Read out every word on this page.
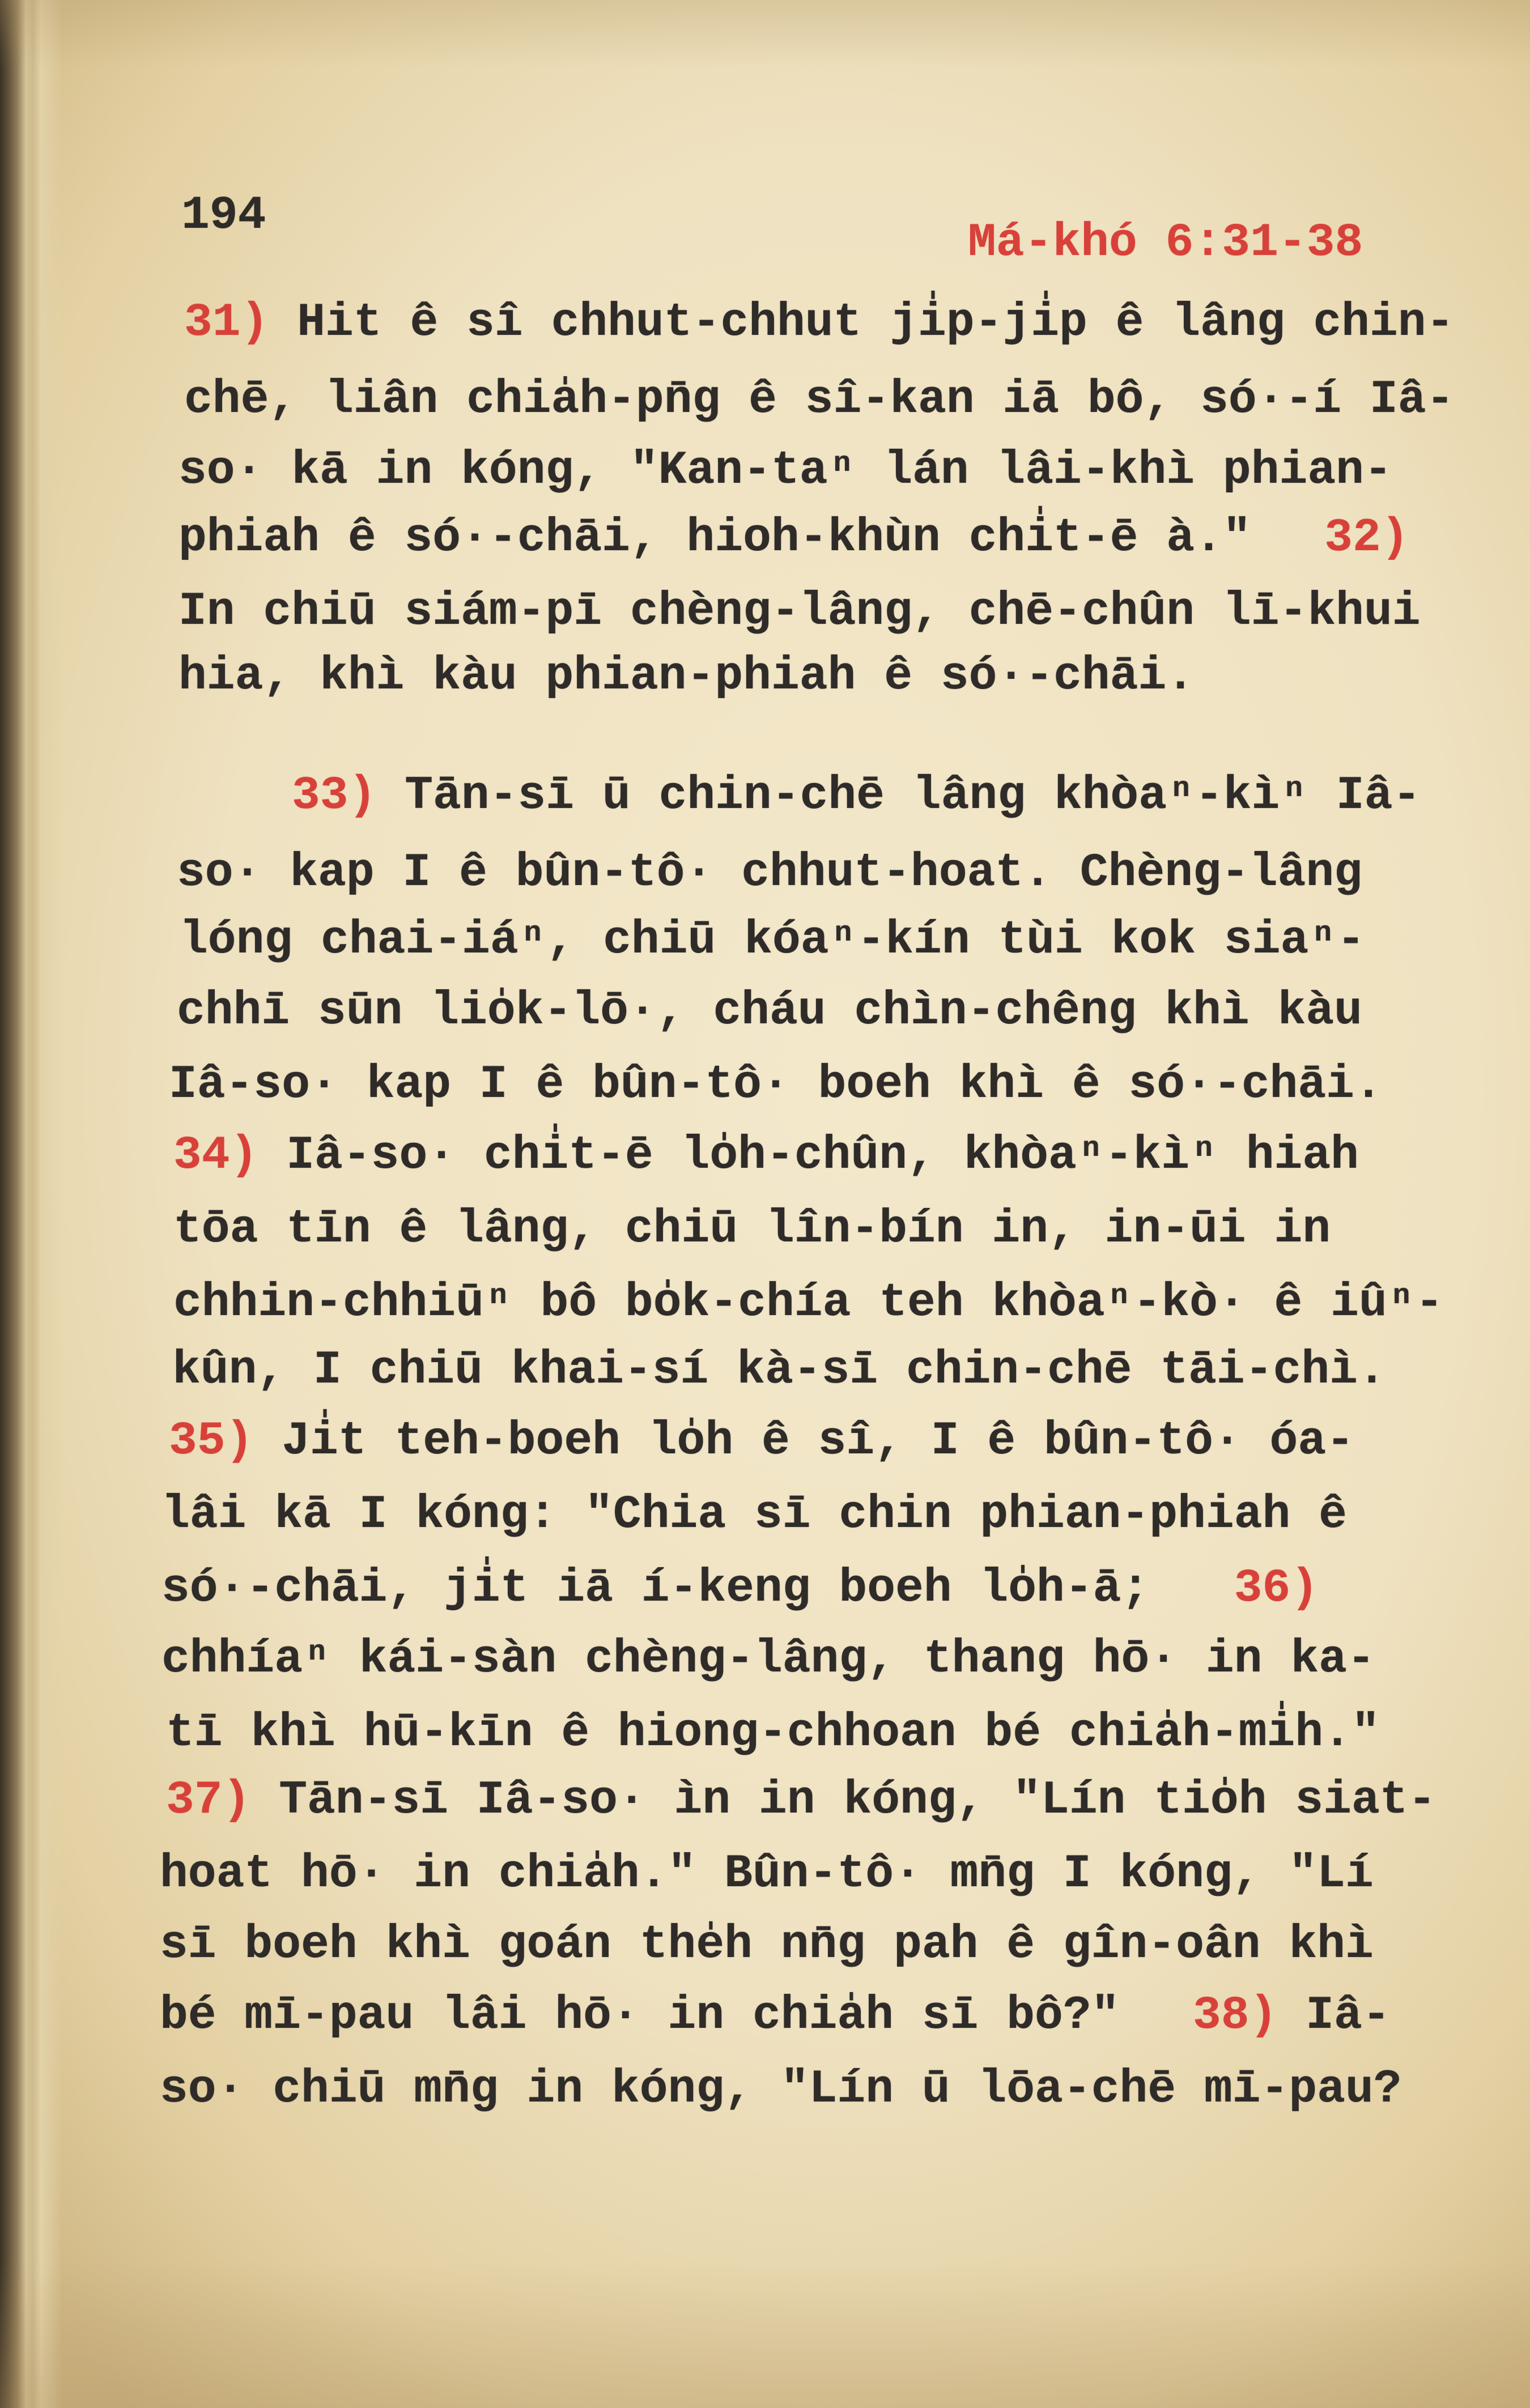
194
Má-khó 6:31-38
31) Hit ê sî chhut-chhut ji̍p-ji̍p ê lâng chin-
chē, liân chia̍h-pn̄g ê sî-kan iā bô, só·-í Iâ-
so· kā in kóng, "Kan-taⁿ lán lâi-khì phian-
phiah ê só·-chāi, hioh-khùn chi̍t-ē à." 32)
In chiū siám-pī chèng-lâng, chē-chûn lī-khui
hia, khì kàu phian-phiah ê só·-chāi.
33) Tān-sī ū chin-chē lâng khòaⁿ-kìⁿ Iâ-
so· kap I ê bûn-tô· chhut-hoat. Chèng-lâng
lóng chai-iáⁿ, chiū kóaⁿ-kín tùi kok siaⁿ-
chhī sūn lio̍k-lō·, cháu chìn-chêng khì kàu
Iâ-so· kap I ê bûn-tô· boeh khì ê só·-chāi.
34) Iâ-so· chi̍t-ē lo̍h-chûn, khòaⁿ-kìⁿ hiah
tōa tīn ê lâng, chiū lîn-bín in, in-ūi in
chhin-chhiūⁿ bô bo̍k-chía teh khòaⁿ-kò· ê iûⁿ-
kûn, I chiū khai-sí kà-sī chin-chē tāi-chì.
35) Ji̍t teh-boeh lo̍h ê sî, I ê bûn-tô· óa-
lâi kā I kóng: "Chia sī chin phian-phiah ê
só·-chāi, ji̍t iā í-keng boeh lo̍h-ā; 36)
chhíaⁿ kái-sàn chèng-lâng, thang hō· in ka-
tī khì hū-kīn ê hiong-chhoan bé chia̍h-mi̍h."
37) Tān-sī Iâ-so· ìn in kóng, "Lín tio̍h siat-
hoat hō· in chia̍h." Bûn-tô· mn̄g I kóng, "Lí
sī boeh khì goán the̍h nn̄g pah ê gîn-oân khì
bé mī-pau lâi hō· in chia̍h sī bô?" 38) Iâ-
so· chiū mn̄g in kóng, "Lín ū lōa-chē mī-pau?
